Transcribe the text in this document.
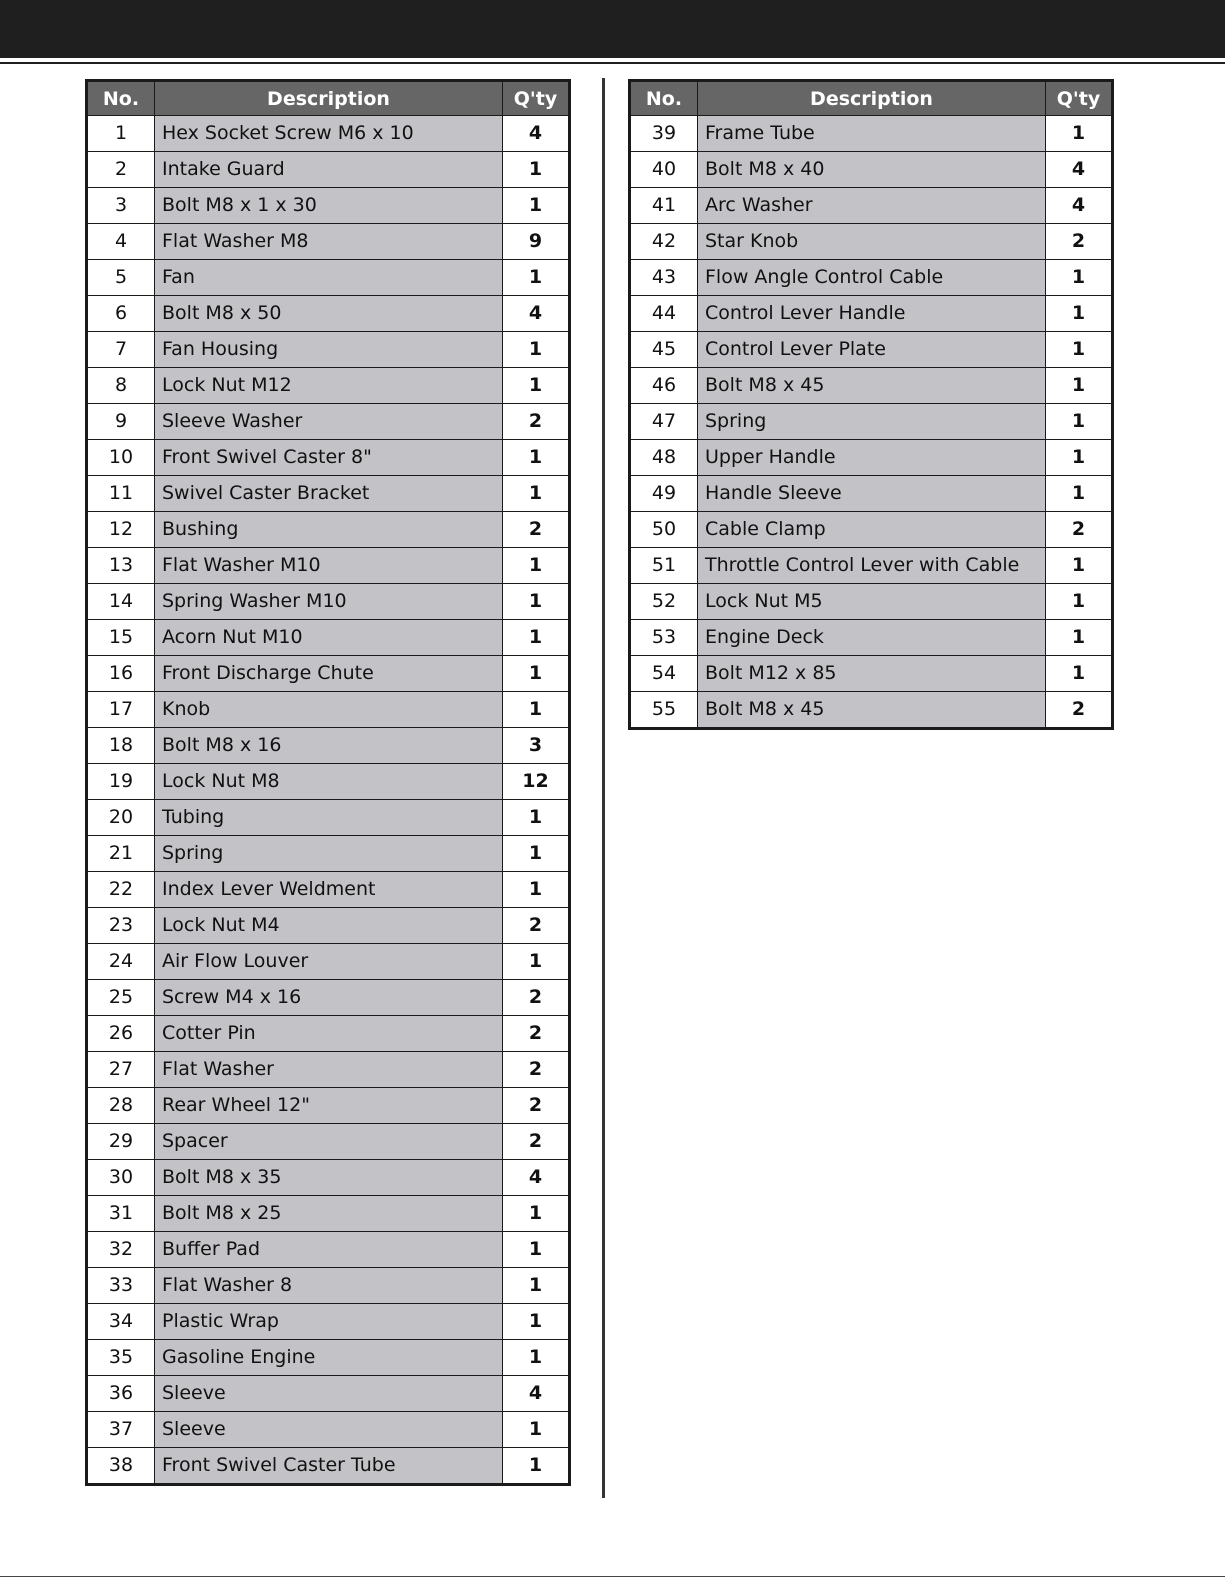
No.	Description	Q'ty
1	Hex Socket Screw M6 x 10	4
2	Intake Guard	1
3	Bolt M8 x 1 x 30	1
4	Flat Washer M8	9
5	Fan	1
6	Bolt M8 x 50	4
7	Fan Housing	1
8	Lock Nut M12	1
9	Sleeve Washer	2
10	Front Swivel Caster 8"	1
11	Swivel Caster Bracket	1
12	Bushing	2
13	Flat Washer M10	1
14	Spring Washer M10	1
15	Acorn Nut M10	1
16	Front Discharge Chute	1
17	Knob	1
18	Bolt M8 x 16	3
19	Lock Nut M8	12
20	Tubing	1
21	Spring	1
22	Index Lever Weldment	1
23	Lock Nut M4	2
24	Air Flow Louver	1
25	Screw M4 x 16	2
26	Cotter Pin	2
27	Flat Washer	2
28	Rear Wheel 12"	2
29	Spacer	2
30	Bolt M8 x 35	4
31	Bolt M8 x 25	1
32	Buffer Pad	1
33	Flat Washer 8	1
34	Plastic Wrap	1
35	Gasoline Engine	1
36	Sleeve	4
37	Sleeve	1
38	Front Swivel Caster Tube	1
No.	Description	Q'ty
39	Frame Tube	1
40	Bolt M8 x 40	4
41	Arc Washer	4
42	Star Knob	2
43	Flow Angle Control Cable	1
44	Control Lever Handle	1
45	Control Lever Plate	1
46	Bolt M8 x 45	1
47	Spring	1
48	Upper Handle	1
49	Handle Sleeve	1
50	Cable Clamp	2
51	Throttle Control Lever with Cable	1
52	Lock Nut M5	1
53	Engine Deck	1
54	Bolt M12 x 85	1
55	Bolt M8 x 45	2
